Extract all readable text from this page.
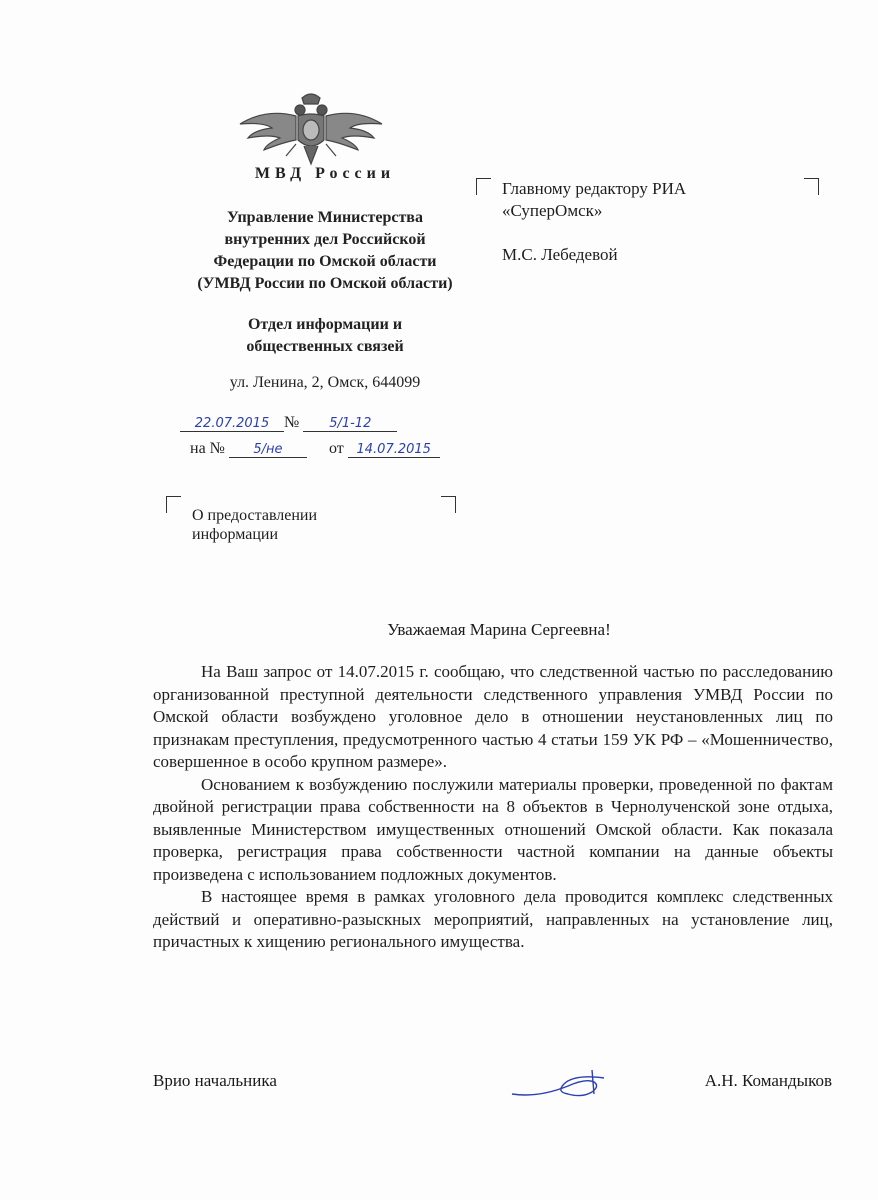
МВД России
Управление Министерства
внутренних дел Российской
Федерации по Омской области
(УМВД России по Омской области)
Отдел информации и
общественных связей
ул. Ленина, 2, Омск, 644099
22.07.2015 № 5/1-12
на № 5/не	от 14.07.2015
Главному редактору РИА
«СуперОмск»
М.С. Лебедевой
О предоставлении
информации
Уважаемая Марина Сергеевна!

На Ваш запрос от 14.07.2015 г. сообщаю, что следственной частью по расследованию организованной преступной деятельности следственного управления УМВД России по Омской области возбуждено уголовное дело в отношении неустановленных лиц по признакам преступления, предусмотренного частью 4 статьи 159 УК РФ – «Мошенничество, совершенное в особо крупном размере».

Основанием к возбуждению послужили материалы проверки, проведенной по фактам двойной регистрации права собственности на 8 объектов в Чернолученской зоне отдыха, выявленные Министерством имущественных отношений Омской области. Как показала проверка, регистрация права собственности частной компании на данные объекты произведена с использованием подложных документов.

В настоящее время в рамках уголовного дела проводится комплекс следственных действий и оперативно-разыскных мероприятий, направленных на установление лиц, причастных к хищению регионального имущества.

Врио начальника	А.Н. Командыков
